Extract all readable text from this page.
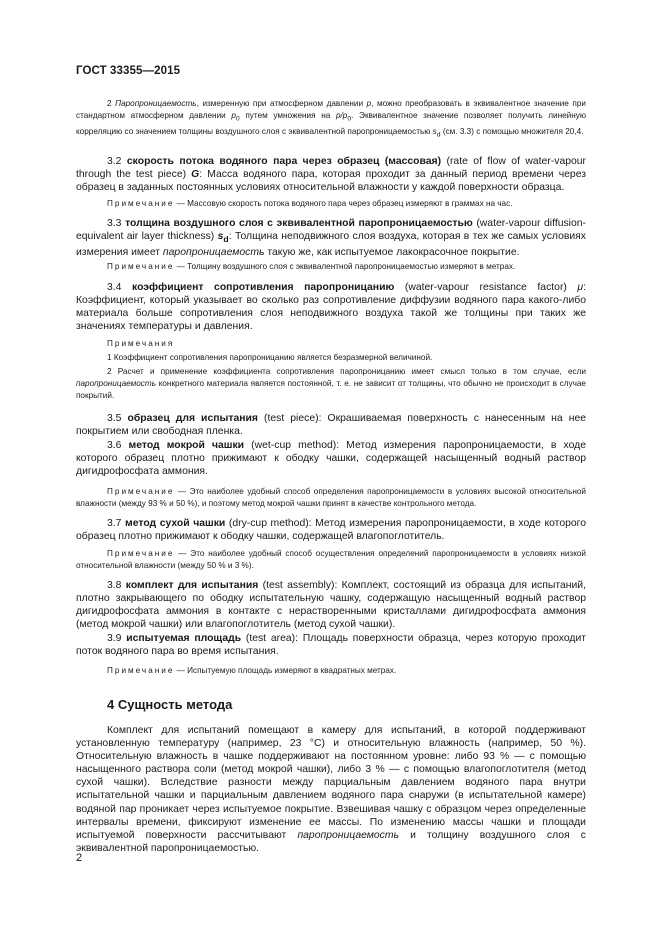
ГОСТ 33355—2015
2 Паропроницаемость, измеренную при атмосферном давлении p, можно преобразовать в эквивалентное значение при стандартном атмосферном давлении $p_0$ путем умножения на $p/p_0$. Эквивалентное значение позволяет получить линейную корреляцию со значением толщины воздушного слоя с эквивалентной паропроницаемостью $s_d$ (см. 3.3) с помощью множителя 20,4.
3.2 скорость потока водяного пара через образец (массовая) (rate of flow of water-vapour through the test piece) G: Масса водяного пара, которая проходит за данный период времени через образец в заданных постоянных условиях относительной влажности у каждой поверхности образца.
Примечание — Массовую скорость потока водяного пара через образец измеряют в граммах на час.
3.3 толщина воздушного слоя с эквивалентной паропроницаемостью (water-vapour diffusion-equivalent air layer thickness) $s_d$: Толщина неподвижного слоя воздуха, которая в тех же самых условиях измерения имеет паропроницаемость такую же, как испытуемое лакокрасочное покрытие.
Примечание — Толщину воздушного слоя с эквивалентной паропроницаемостью измеряют в метрах.
3.4 коэффициент сопротивления паропроницанию (water-vapour resistance factor) μ: Коэффициент, который указывает во сколько раз сопротивление диффузии водяного пара какого-либо материала больше сопротивления слоя неподвижного воздуха такой же толщины при таких же значениях температуры и давления.
Примечания
1 Коэффициент сопротивления паропроницанию является безразмерной величиной.
2 Расчет и применение коэффициента сопротивления паропроницанию имеет смысл только в том случае, если паропроницаемость конкретного материала является постоянной, т. е. не зависит от толщины, что обычно не происходит в случае покрытий.
3.5 образец для испытания (test piece): Окрашиваемая поверхность с нанесенным на нее покрытием или свободная пленка.
3.6 метод мокрой чашки (wet-cup method): Метод измерения паропроницаемости, в ходе которого образец плотно прижимают к ободку чашки, содержащей насыщенный водный раствор дигидрофосфата аммония.
Примечание — Это наиболее удобный способ определения паропроницаемости в условиях высокой относительной влажности (между 93 % и 50 %), и поэтому метод мокрой чашки принят в качестве контрольного метода.
3.7 метод сухой чашки (dry-cup method): Метод измерения паропроницаемости, в ходе которого образец плотно прижимают к ободку чашки, содержащей влагопоглотитель.
Примечание — Это наиболее удобный способ осуществления определений паропроницаемости в условиях низкой относительной влажности (между 50 % и 3 %).
3.8 комплект для испытания (test assembly): Комплект, состоящий из образца для испытаний, плотно закрывающего по ободку испытательную чашку, содержащую насыщенный водный раствор дигидрофосфата аммония в контакте с нерастворенными кристаллами дигидрофосфата аммония (метод мокрой чашки) или влагопоглотитель (метод сухой чашки).
3.9 испытуемая площадь (test area): Площадь поверхности образца, через которую проходит поток водяного пара во время испытания.
Примечание — Испытуемую площадь измеряют в квадратных метрах.
4 Сущность метода
Комплект для испытаний помещают в камеру для испытаний, в которой поддерживают установленную температуру (например, 23 °С) и относительную влажность (например, 50 %). Относительную влажность в чашке поддерживают на постоянном уровне: либо 93 % — с помощью насыщенного раствора соли (метод мокрой чашки), либо 3 % — с помощью влагопоглотителя (метод сухой чашки). Вследствие разности между парциальным давлением водяного пара внутри испытательной чашки и парциальным давлением водяного пара снаружи (в испытательной камере) водяной пар проникает через испытуемое покрытие. Взвешивая чашку с образцом через определенные интервалы времени, фиксируют изменение ее массы. По изменению массы чашки и площади испытуемой поверхности рассчитывают паропроницаемость и толщину воздушного слоя с эквивалентной паропроницаемостью.
2
